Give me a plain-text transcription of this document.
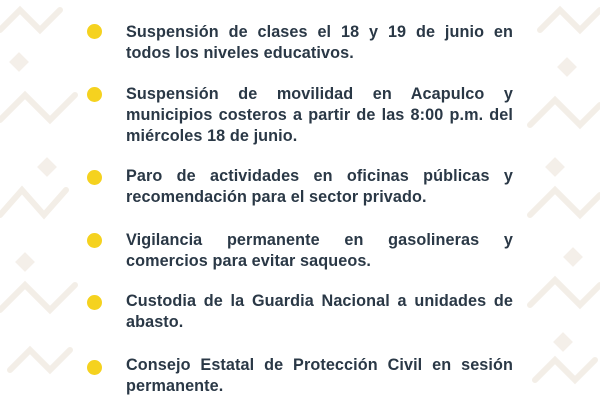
Suspensión de clases el 18 y 19 de junio en todos los niveles educativos.
Suspensión de movilidad en Acapulco y municipios costeros a partir de las 8:00 p.m. del miércoles 18 de junio.
Paro de actividades en oficinas públicas y recomendación para el sector privado.
Vigilancia permanente en gasolineras y comercios para evitar saqueos.
Custodia de la Guardia Nacional a unidades de abasto.
Consejo Estatal de Protección Civil en sesión permanente.
